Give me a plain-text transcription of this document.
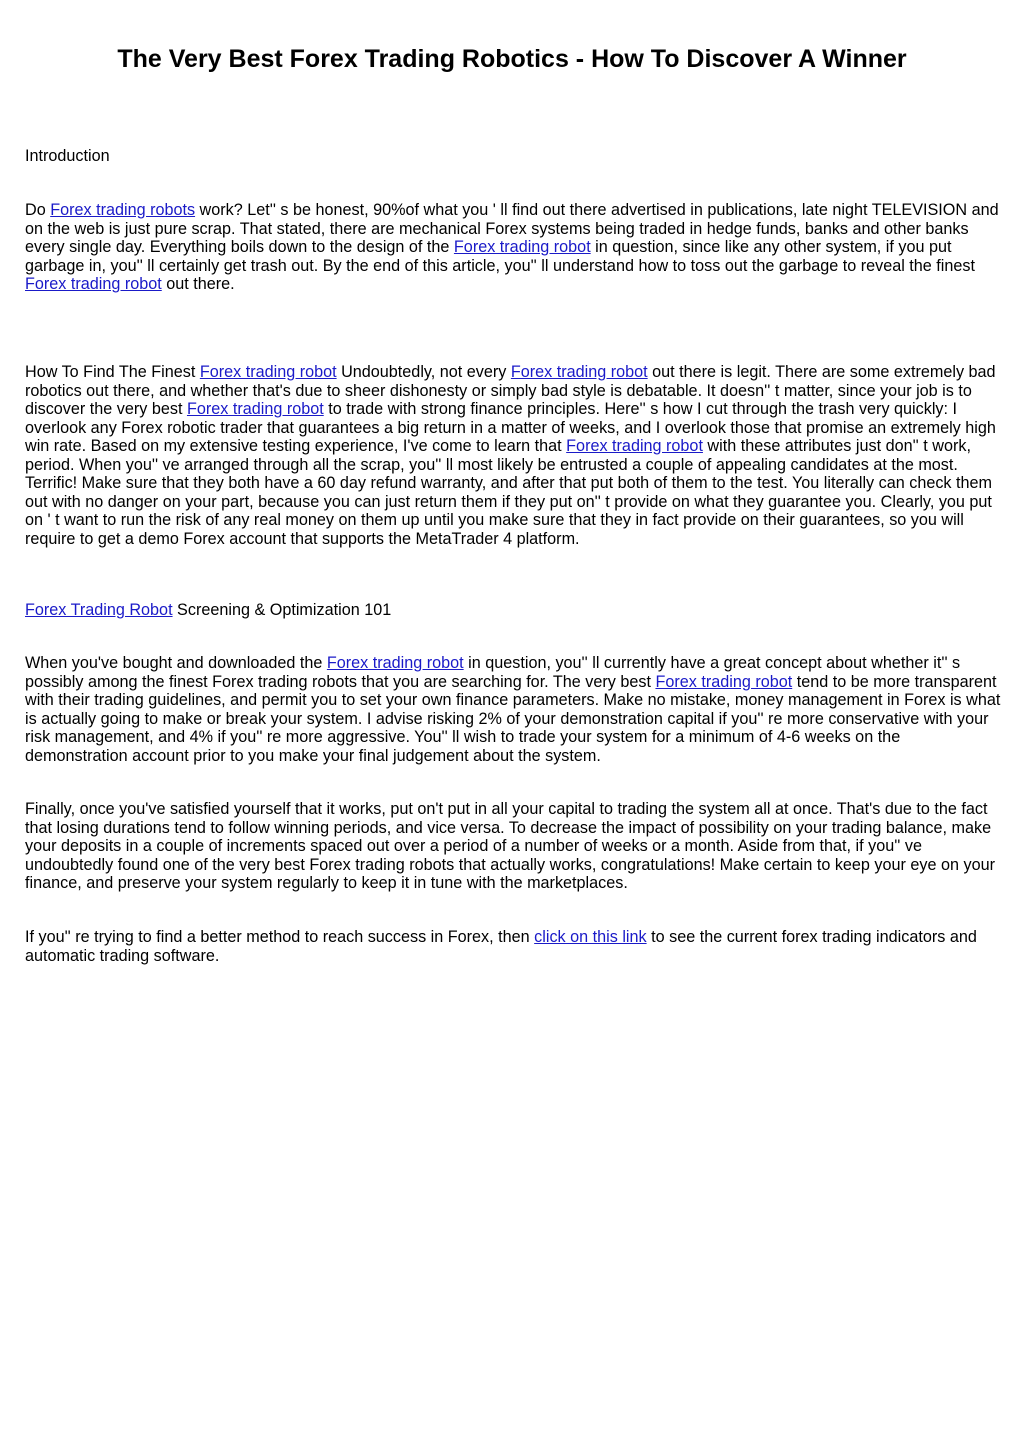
The Very Best Forex Trading Robotics - How To Discover A Winner

Introduction

Do Forex trading robots work? Let'' s be honest, 90%of what you ' ll find out there advertised in publications, late night TELEVISION and on the web is just pure scrap. That stated, there are mechanical Forex systems being traded in hedge funds, banks and other banks every single day. Everything boils down to the design of the Forex trading robot in question, since like any other system, if you put garbage in, you'' ll certainly get trash out. By the end of this article, you'' ll understand how to toss out the garbage to reveal the finest Forex trading robot out there.

How To Find The Finest Forex trading robot Undoubtedly, not every Forex trading robot out there is legit. There are some extremely bad robotics out there, and whether that's due to sheer dishonesty or simply bad style is debatable. It doesn'' t matter, since your job is to discover the very best Forex trading robot to trade with strong finance principles. Here'' s how I cut through the trash very quickly: I overlook any Forex robotic trader that guarantees a big return in a matter of weeks, and I overlook those that promise an extremely high win rate. Based on my extensive testing experience, I've come to learn that Forex trading robot with these attributes just don'' t work, period. When you'' ve arranged through all the scrap, you'' ll most likely be entrusted a couple of appealing candidates at the most. Terrific! Make sure that they both have a 60 day refund warranty, and after that put both of them to the test. You literally can check them out with no danger on your part, because you can just return them if they put on'' t provide on what they guarantee you. Clearly, you put on ' t want to run the risk of any real money on them up until you make sure that they in fact provide on their guarantees, so you will require to get a demo Forex account that supports the MetaTrader 4 platform.

Forex Trading Robot Screening & Optimization 101

When you've bought and downloaded the Forex trading robot in question, you'' ll currently have a great concept about whether it'' s possibly among the finest Forex trading robots that you are searching for. The very best Forex trading robot tend to be more transparent with their trading guidelines, and permit you to set your own finance parameters. Make no mistake, money management in Forex is what is actually going to make or break your system. I advise risking 2% of your demonstration capital if you'' re more conservative with your risk management, and 4% if you'' re more aggressive. You'' ll wish to trade your system for a minimum of 4-6 weeks on the demonstration account prior to you make your final judgement about the system.

Finally, once you've satisfied yourself that it works, put on't put in all your capital to trading the system all at once. That's due to the fact that losing durations tend to follow winning periods, and vice versa. To decrease the impact of possibility on your trading balance, make your deposits in a couple of increments spaced out over a period of a number of weeks or a month. Aside from that, if you'' ve undoubtedly found one of the very best Forex trading robots that actually works, congratulations! Make certain to keep your eye on your finance, and preserve your system regularly to keep it in tune with the marketplaces.

If you'' re trying to find a better method to reach success in Forex, then click on this link to see the current forex trading indicators and automatic trading software.
